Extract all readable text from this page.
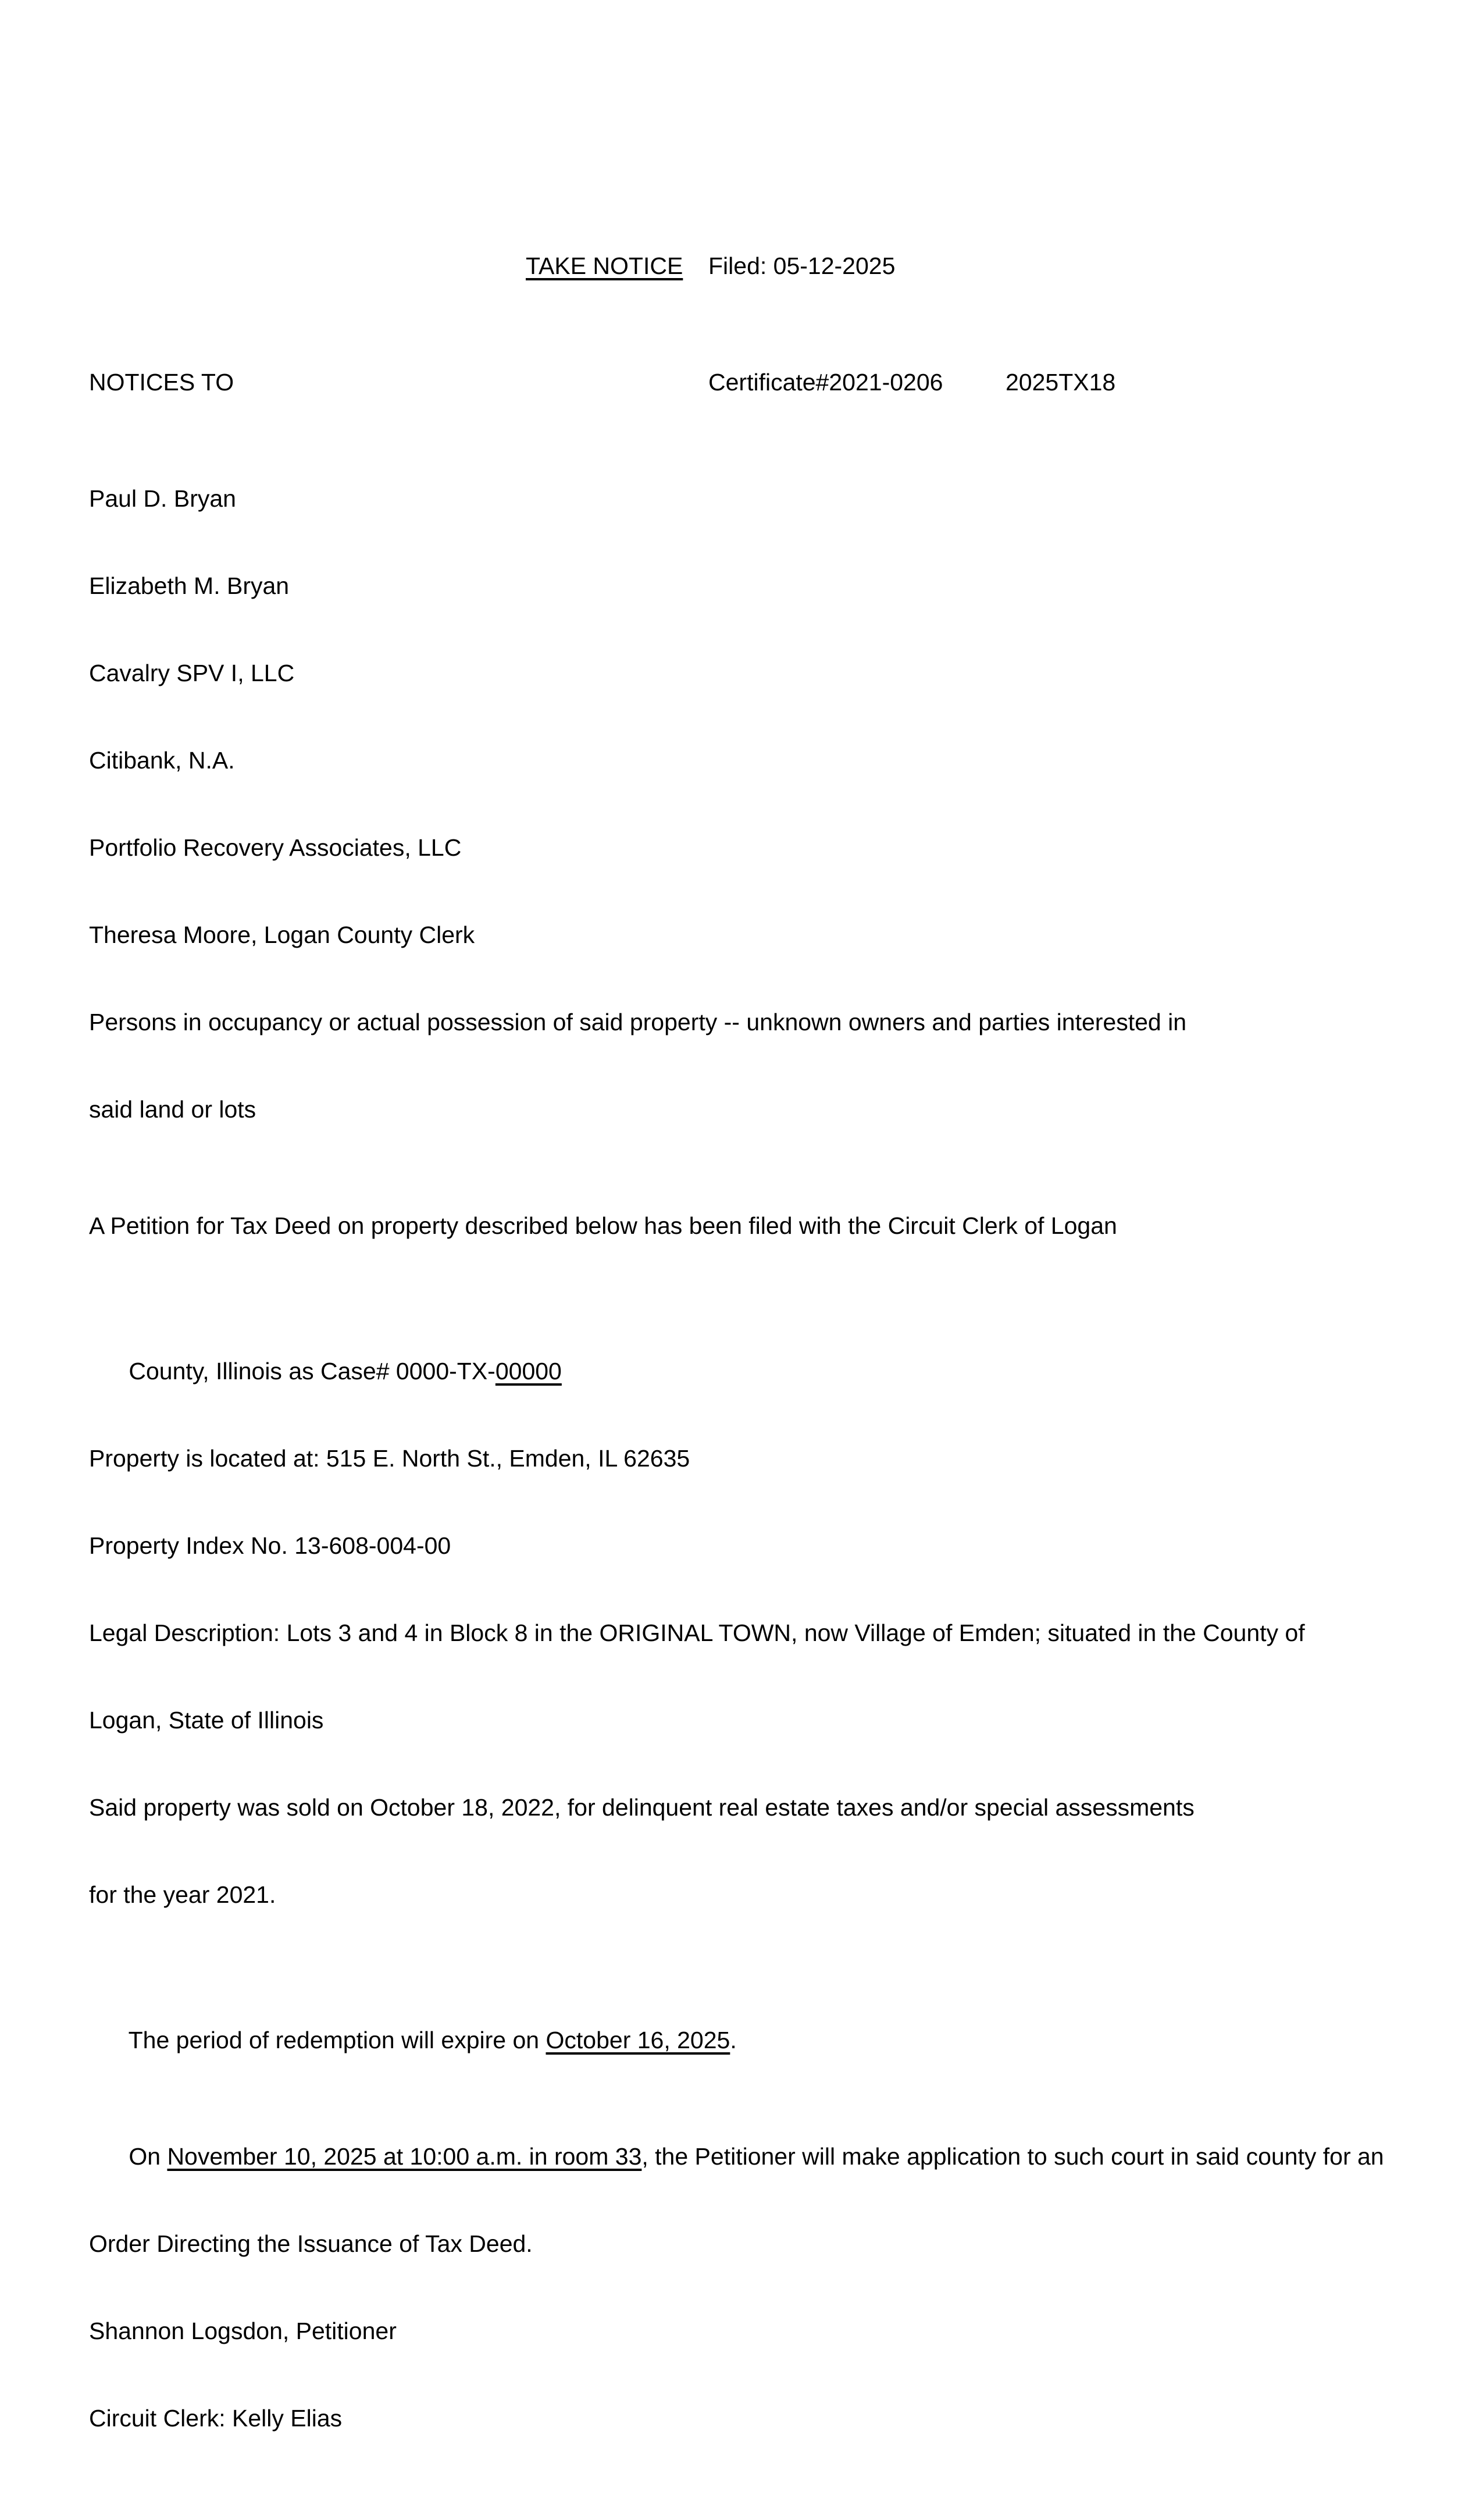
TAKE NOTICE

Filed: 05-12-2025

NOTICES TO

	Certificate#2021-0206

	2025TX18

Paul D. Bryan

Elizabeth M. Bryan

Cavalry SPV I, LLC

Citibank, N.A.

Portfolio Recovery Associates, LLC

Theresa Moore, Logan County Clerk

Persons in occupancy or actual possession of said property -- unknown owners and parties interested in

said land or lots

A Petition for Tax Deed on property described below has been filed with the Circuit Clerk of Logan

County, Illinois as Case# 0000-TX-00000

Property is located at: 515 E. North St., Emden, IL 62635

Property Index No. 13-608-004-00

Legal Description: Lots 3 and 4 in Block 8 in the ORIGINAL TOWN, now Village of Emden; situated in the County of

Logan, State of Illinois

Said property was sold on October 18, 2022, for delinquent real estate taxes and/or special assessments

for the year 2021.

The period of redemption will expire on October 16, 2025.

On November 10, 2025 at 10:00 a.m. in room 33, the Petitioner will make application to such court in said county for an

Order Directing the Issuance of Tax Deed.

Shannon Logsdon, Petitioner

Circuit Clerk: Kelly Elias
